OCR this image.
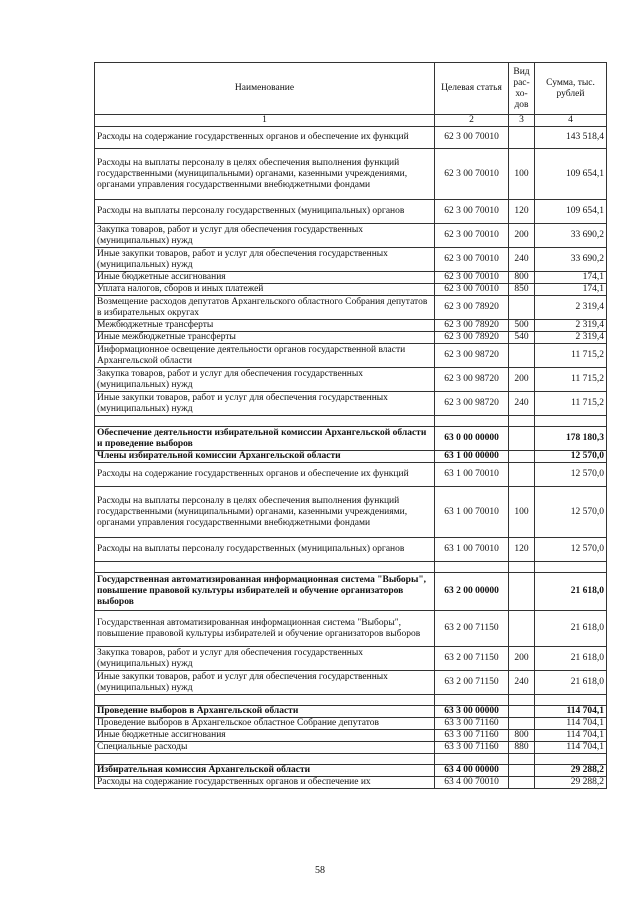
Наименование	Целевая статья	Вид рас-хо-дов	Сумма, тыс. рублей
1	2	3	4
Расходы на содержание государственных органов и обеспечение их функций	62 3 00 70010		143 518,4
Расходы на выплаты персоналу в целях обеспечения выполнения функций государственными (муниципальными) органами, казенными учреждениями, органами управления государственными внебюджетными фондами	62 3 00 70010	100	109 654,1
Расходы на выплаты персоналу государственных (муниципальных) органов	62 3 00 70010	120	109 654,1
Закупка товаров, работ и услуг для обеспечения государственных (муниципальных) нужд	62 3 00 70010	200	33 690,2
Иные закупки товаров, работ и услуг для обеспечения государственных (муниципальных) нужд	62 3 00 70010	240	33 690,2
Иные бюджетные ассигнования	62 3 00 70010	800	174,1
Уплата налогов, сборов и иных платежей	62 3 00 70010	850	174,1
Возмещение расходов депутатов Архангельского областного Собрания депутатов в избирательных округах	62 3 00 78920		2 319,4
Межбюджетные трансферты	62 3 00 78920	500	2 319,4
Иные межбюджетные трансферты	62 3 00 78920	540	2 319,4
Информационное освещение деятельности органов государственной власти Архангельской области	62 3 00 98720		11 715,2
Закупка товаров, работ и услуг для обеспечения государственных (муниципальных) нужд	62 3 00 98720	200	11 715,2
Иные закупки товаров, работ и услуг для обеспечения государственных (муниципальных) нужд	62 3 00 98720	240	11 715,2

Обеспечение деятельности избирательной комиссии Архангельской области и проведение выборов	63 0 00 00000		178 180,3
Члены избирательной комиссии Архангельской области	63 1 00 00000		12 570,0
Расходы на содержание государственных органов и обеспечение их функций	63 1 00 70010		12 570,0
Расходы на выплаты персоналу в целях обеспечения выполнения функций государственными (муниципальными) органами, казенными учреждениями, органами управления государственными внебюджетными фондами	63 1 00 70010	100	12 570,0
Расходы на выплаты персоналу государственных (муниципальных) органов	63 1 00 70010	120	12 570,0

Государственная автоматизированная информационная система "Выборы", повышение правовой культуры избирателей и обучение организаторов выборов	63 2 00 00000		21 618,0
Государственная автоматизированная информационная система "Выборы", повышение правовой культуры избирателей и обучение организаторов выборов	63 2 00 71150		21 618,0
Закупка товаров, работ и услуг для обеспечения государственных (муниципальных) нужд	63 2 00 71150	200	21 618,0
Иные закупки товаров, работ и услуг для обеспечения государственных (муниципальных) нужд	63 2 00 71150	240	21 618,0

Проведение выборов в Архангельской области	63 3 00 00000		114 704,1
Проведение выборов в Архангельское областное Собрание депутатов	63 3 00 71160		114 704,1
Иные бюджетные ассигнования	63 3 00 71160	800	114 704,1
Специальные расходы	63 3 00 71160	880	114 704,1

Избирательная комиссия Архангельской области	63 4 00 00000		29 288,2
Расходы на содержание государственных органов и обеспечение их	63 4 00 70010		29 288,2
58
